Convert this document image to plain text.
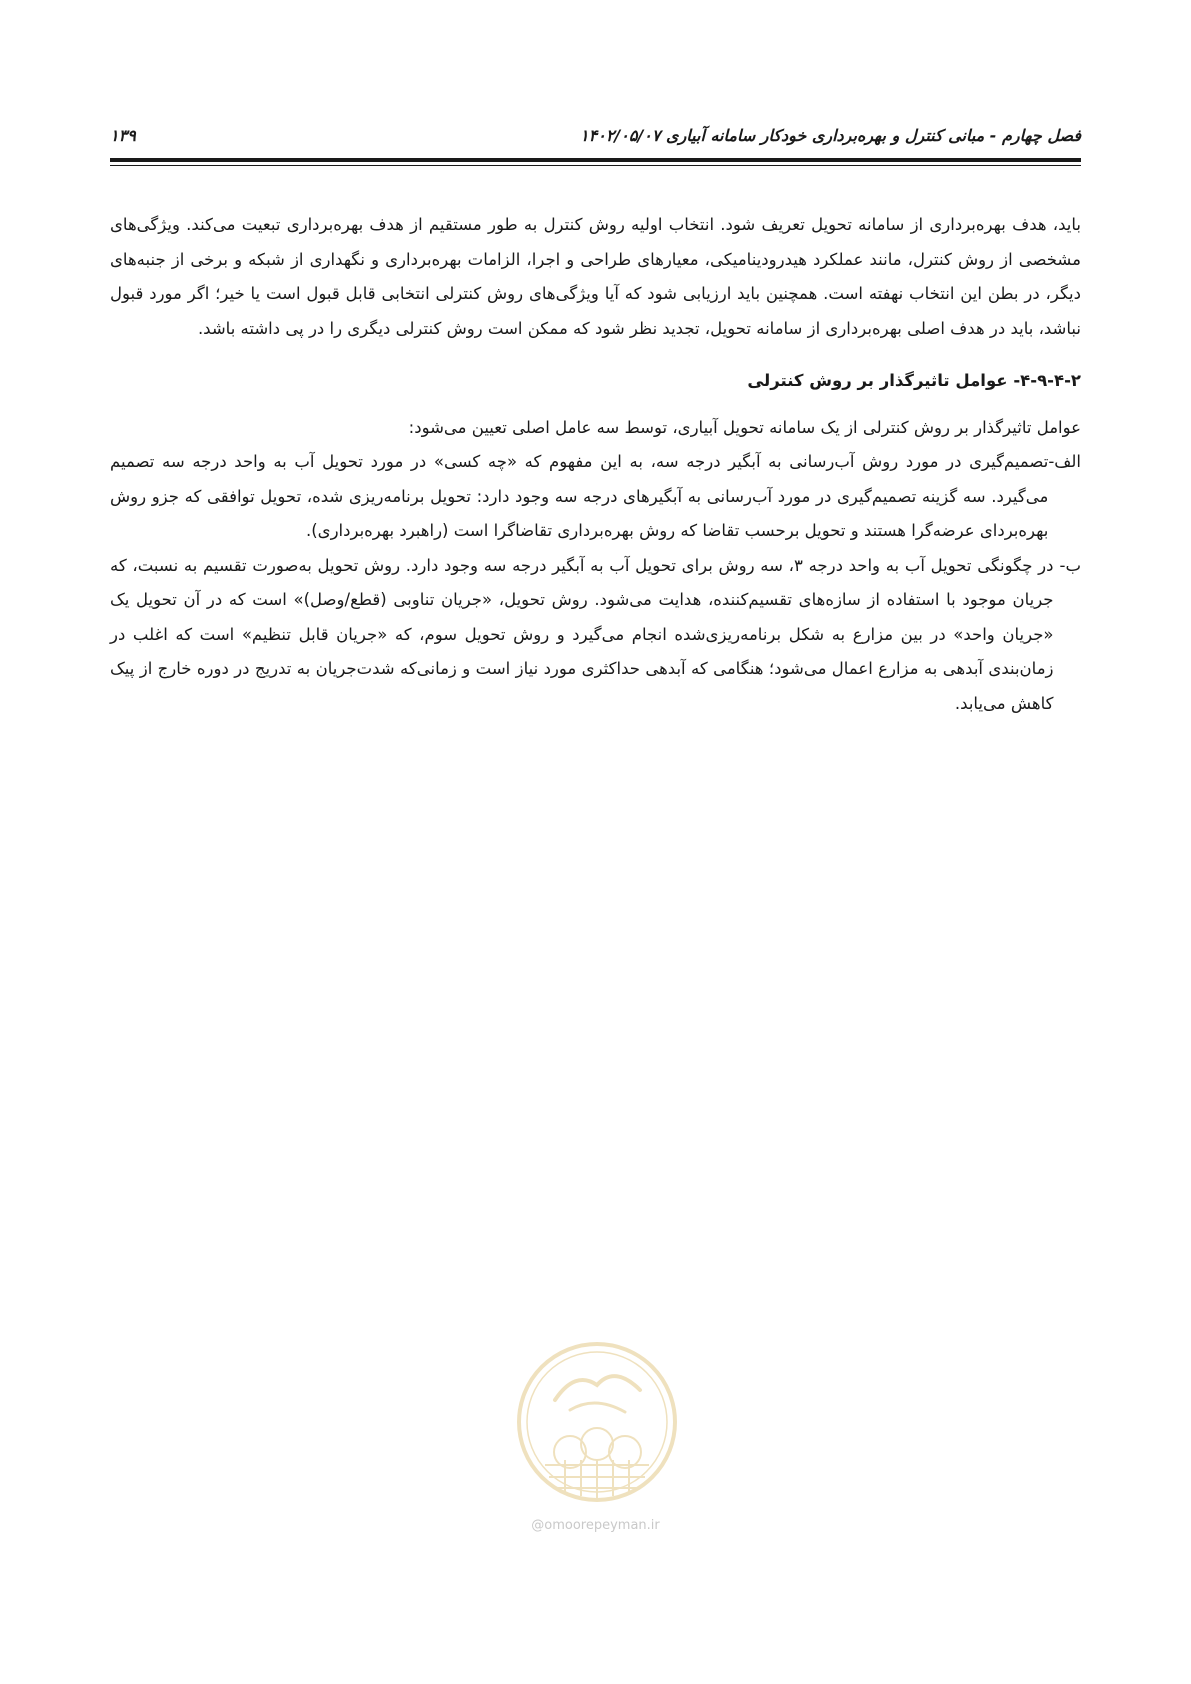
فصل چهارم - مبانی کنترل و بهره‌برداری خودکار سامانه آبیاری ۱۴۰۲/۰۵/۰۷
۱۳۹

باید، هدف بهره‌برداری از سامانه تحویل تعریف شود. انتخاب اولیه روش کنترل به طور مستقیم از هدف بهره‌برداری تبعیت می‌کند. ویژگی‌های مشخصی از روش کنترل، مانند عملکرد هیدرودینامیکی، معیارهای طراحی و اجرا، الزامات بهره‌برداری و نگهداری از شبکه و برخی از جنبه‌های دیگر، در بطن این انتخاب نهفته است. همچنین باید ارزیابی شود که آیا ویژگی‌های روش کنترلی انتخابی قابل قبول است یا خیر؛ اگر مورد قبول نباشد، باید در هدف اصلی بهره‌برداری از سامانه تحویل، تجدید نظر شود که ممکن است روش کنترلی دیگری را در پی داشته باشد.

۴-۹-۴-۲- عوامل تاثیرگذار بر روش کنترلی

عوامل تاثیرگذار بر روش کنترلی از یک سامانه تحویل آبیاری، توسط سه عامل اصلی تعیین می‌شود:

الف-
تصمیم‌گیری در مورد روش آب‌رسانی به آبگیر درجه سه، به این مفهوم که «چه کسی» در مورد تحویل آب به واحد درجه سه تصمیم می‌گیرد. سه گزینه تصمیم‌گیری در مورد آب‌رسانی به آبگیرهای درجه سه وجود دارد: تحویل برنامه‌ریزی شده، تحویل توافقی که جزو روش بهره‌بردای عرضه‌گرا هستند و تحویل برحسب تقاضا که روش بهره‌برداری تقاضاگرا است (راهبرد بهره‌برداری).
ب-
در چگونگی تحویل آب به واحد درجه ۳، سه روش برای تحویل آب به آبگیر درجه سه وجود دارد. روش تحویل به‌صورت تقسیم به نسبت، که جریان موجود با استفاده از سازه‌های تقسیم‌کننده، هدایت می‌شود. روش تحویل، «جریان تناوبی (قطع/وصل)» است که در آن تحویل یک «جریان واحد» در بین مزارع به شکل برنامه‌ریزی‌شده انجام می‌گیرد و روش تحویل سوم، که «جریان قابل تنظیم» است که اغلب در زمان‌بندی آبدهی به مزارع اعمال می‌شود؛ هنگامی که آبدهی حداکثری مورد نیاز است و زمانی‌که شدت‌جریان به تدریج در دوره خارج از پیک کاهش می‌یابد.
@omoorepeyman.ir
